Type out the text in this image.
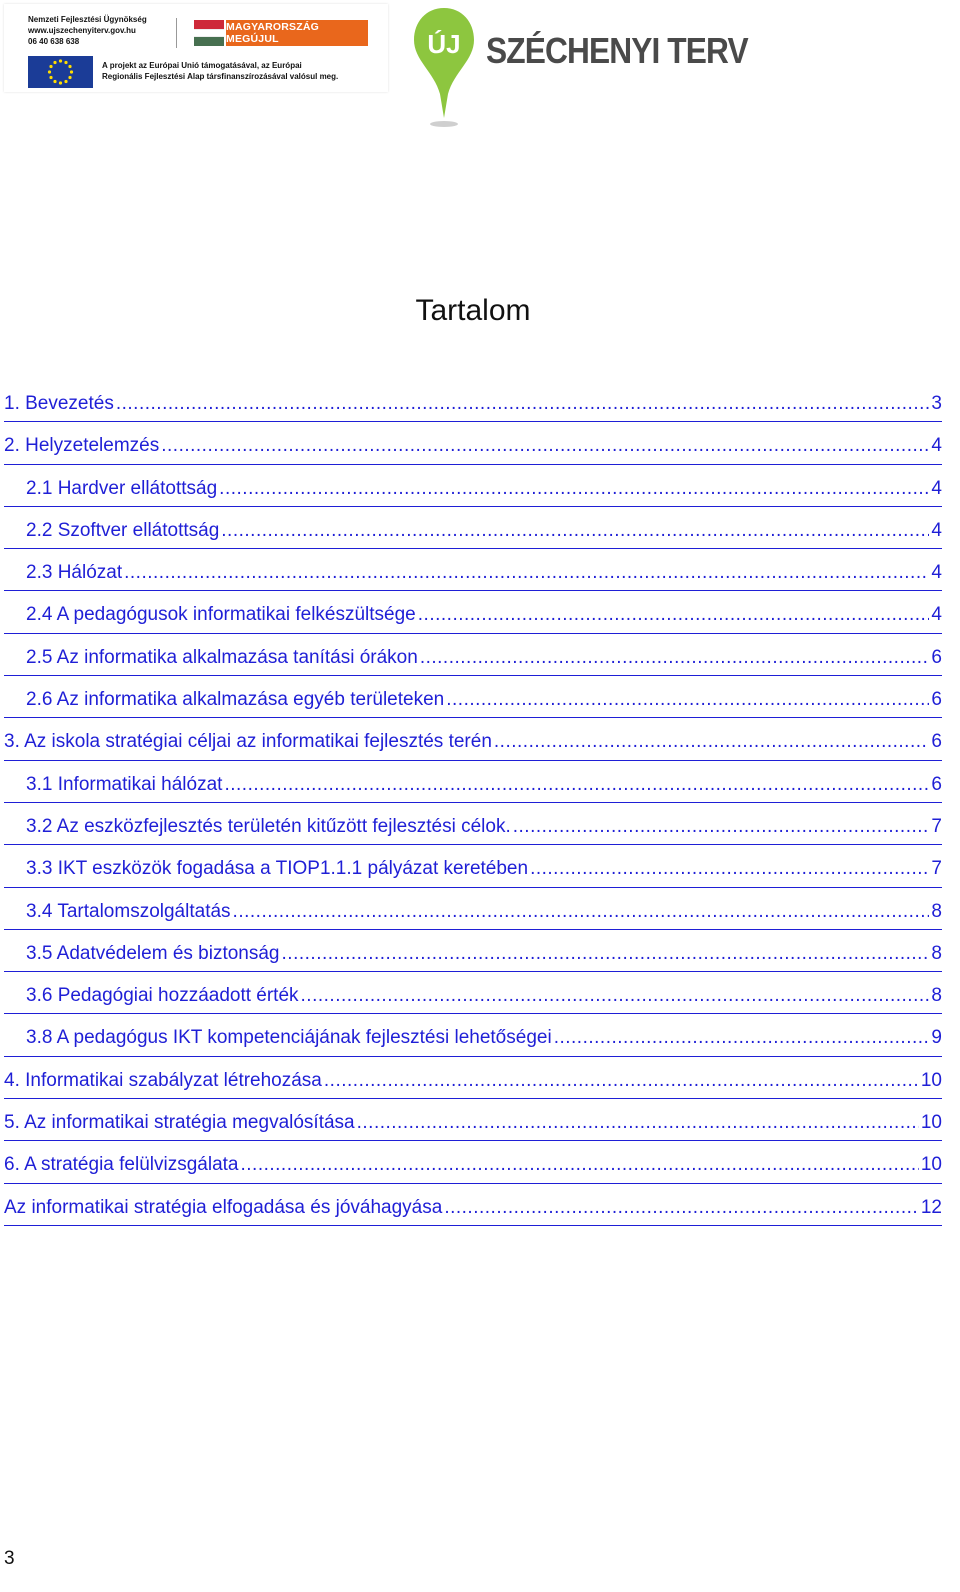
Nemzeti Fejlesztési Ügynökség
www.ujszechenyiterv.gov.hu
06 40 638 638
MAGYARORSZÁG MEGÚJUL
A projekt az Európai Unió támogatásával, az Európai
Regionális Fejlesztési Alap társfinanszírozásával valósul meg.
ÚJ SZÉCHENYI TERV
Tartalom
1. Bevezetés .....	3
2. Helyzetelemzés .....	4
2.1 Hardver ellátottság .....	4
2.2 Szoftver ellátottság .....	4
2.3 Hálózat .....	4
2.4 A pedagógusok informatikai felkészültsége .....	4
2.5 Az informatika alkalmazása tanítási órákon .....	6
2.6 Az informatika alkalmazása egyéb területeken .....	6
3. Az iskola stratégiai céljai az informatikai fejlesztés terén .....	6
3.1 Informatikai hálózat .....	6
3.2 Az eszközfejlesztés területén kitűzött fejlesztési célok. .....	7
3.3 IKT eszközök fogadása a TIOP1.1.1 pályázat keretében .....	7
3.4 Tartalomszolgáltatás .....	8
3.5 Adatvédelem és biztonság .....	8
3.6 Pedagógiai hozzáadott érték .....	8
3.8 A pedagógus IKT kompetenciájának fejlesztési lehetőségei .....	9
4. Informatikai szabályzat létrehozása .....	10
5. Az informatikai stratégia megvalósítása .....	10
6. A stratégia felülvizsgálata .....	10
Az informatikai stratégia elfogadása és jóváhagyása .....	12
3
